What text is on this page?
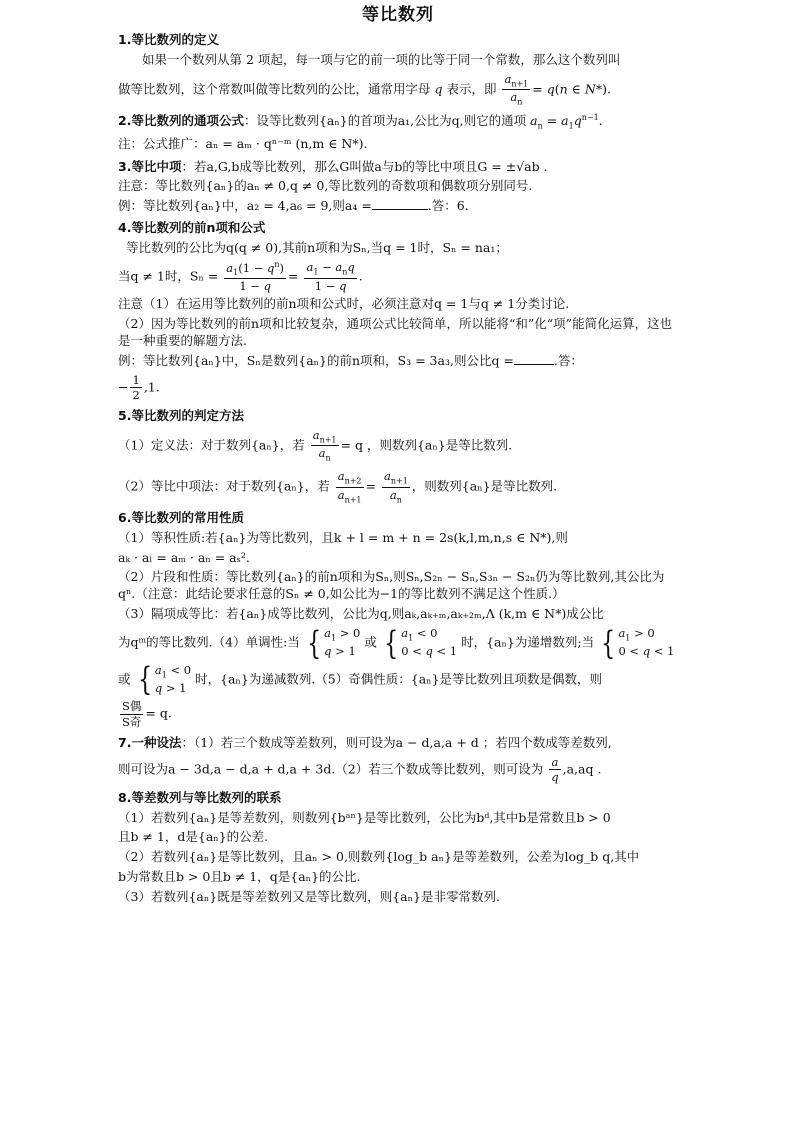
等比数列
1.等比数列的定义
如果一个数列从第 2 项起，每一项与它的前一项的比等于同一个常数，那么这个数列叫
做等比数列，这个常数叫做等比数列的公比，通常用字母 q 表示，即 $\frac{a_{n+1}}{a_n} = q(n$ ∈ N*).
2.等比数列的通项公式：设等比数列{aₙ}的首项为a₁,公比为q,则它的通项 $a_n = a_1q^{n-1}$.
注：公式推广：aₙ = aₘ · qⁿ⁻ᵐ (n,m ∈ N*).
3.等比中项：若a,G,b成等比数列，那么G叫做a与b的等比中项且G = ±√ab .
注意：等比数列{aₙ}的aₙ ≠ 0,q ≠ 0,等比数列的奇数项和偶数项分别同号.
例：等比数列{aₙ}中，a₂ = 4,a₆ = 9,则a₄ =	.答：6.
4.等比数列的前n项和公式
等比数列的公比为q(q ≠ 0),其前n项和为Sₙ,当q = 1时，Sₙ = na₁；
当q ≠ 1时，$S_n = \frac{a_1(1 - q^n)}{1 - q} = \frac{a_1 - a_nq}{1 - q}$ .
注意（1）在运用等比数列的前n项和公式时，必须注意对q = 1与q ≠ 1分类讨论.
（2）因为等比数列的前n项和比较复杂，通项公式比较简单，所以能将“和”化“项”能简化运算，这也是一种重要的解题方法.
例：等比数列{aₙ}中，Sₙ是数列{aₙ}的前n项和，S₃ = 3a₃,则公比q =	.答：
− $\frac{1}{2} ,1$.
5.等比数列的判定方法
（1）定义法：对于数列{aₙ}，若 $\frac{a_{n+1}}{a_n} = q$ ，则数列{aₙ}是等比数列.
（2）等比中项法：对于数列{aₙ}，若 $\frac{a_{n+2}}{a_{n+1}} = \frac{a_{n+1}}{a_n}$ ，则数列{aₙ}是等比数列.
6.等比数列的常用性质
（1）等积性质:若{aₙ}为等比数列，且k + l = m + n = 2s(k,l,m,n,s ∈ N*),则
aₖ · aₗ = aₘ · aₙ = aₛ².
（2）片段和性质：等比数列{aₙ}的前n项和为Sₙ,则Sₙ,S₂ₙ − Sₙ,S₃ₙ − S₂ₙ仍为等比数列,其公比为qⁿ.（注意：此结论要求任意的Sₙ ≠ 0,如公比为−1的等比数列不满足这个性质.）
（3）隔项成等比：若{aₙ}成等比数列，公比为q,则aₖ,aₖ₊ₘ,aₖ₊₂ₘ,Λ (k,m ∈ N*)成公比
为qᵐ的等比数列.（4）单调性:当 { $a_1 > 0$
q > 1 或 { $a_1 < 0$
0 < q < 1 时，{aₙ}为递增数列;当 { $a_1 > 0$
0 < q < 1
或 { $a_1 < 0$
q > 1 时，{aₙ}为递减数列.（5）奇偶性质：{aₙ}是等比数列且项数是偶数，则
$\frac{\text{S偶}}{\text{S奇}} = q$.
7.一种设法：（1）若三个数成等差数列，则可设为a − d,a,a + d ；若四个数成等差数列,
则可设为a − 3d,a − d,a + d,a + 3d.（2）若三个数成等比数列，则可设为 $\frac{a}{q} ,a,aq$ .
8.等差数列与等比数列的联系
（1）若数列{aₙ}是等差数列，则数列{bᵃⁿ}是等比数列，公比为bᵈ,其中b是常数且b > 0
且b ≠ 1，d是{aₙ}的公差.
（2）若数列{aₙ}是等比数列，且aₙ > 0,则数列{log_b aₙ}是等差数列，公差为log_b q,其中
b为常数且b > 0且b ≠ 1，q是{aₙ}的公比.
（3）若数列{aₙ}既是等差数列又是等比数列，则{aₙ}是非零常数列.
